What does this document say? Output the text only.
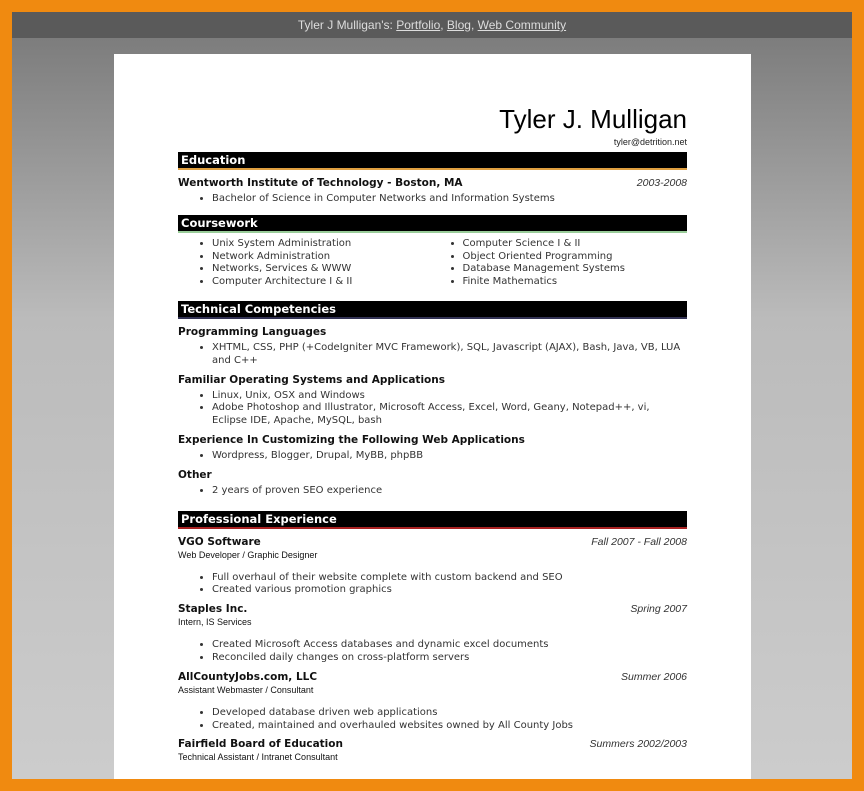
Tyler J Mulligan's: Portfolio, Blog, Web Community
Tyler J. Mulligan
tyler@detrition.net
Education
Wentworth Institute of Technology - Boston, MA	2003-2008
• Bachelor of Science in Computer Networks and Information Systems
Coursework
• Unix System Administration
• Network Administration
• Networks, Services & WWW
• Computer Architecture I & II
• Computer Science I & II
• Object Oriented Programming
• Database Management Systems
• Finite Mathematics
Technical Competencies
Programming Languages
• XHTML, CSS, PHP (+CodeIgniter MVC Framework), SQL, Javascript (AJAX), Bash, Java, VB, LUA and C++
Familiar Operating Systems and Applications
• Linux, Unix, OSX and Windows
• Adobe Photoshop and Illustrator, Microsoft Access, Excel, Word, Geany, Notepad++, vi, Eclipse IDE, Apache, MySQL, bash
Experience In Customizing the Following Web Applications
• Wordpress, Blogger, Drupal, MyBB, phpBB
Other
• 2 years of proven SEO experience
Professional Experience
VGO Software	Fall 2007 - Fall 2008
Web Developer / Graphic Designer
• Full overhaul of their website complete with custom backend and SEO
• Created various promotion graphics
Staples Inc.	Spring 2007
Intern, IS Services
• Created Microsoft Access databases and dynamic excel documents
• Reconciled daily changes on cross-platform servers
AllCountyJobs.com, LLC	Summer 2006
Assistant Webmaster / Consultant
• Developed database driven web applications
• Created, maintained and overhauled websites owned by All County Jobs
Fairfield Board of Education	Summers 2002/2003
Technical Assistant / Intranet Consultant
